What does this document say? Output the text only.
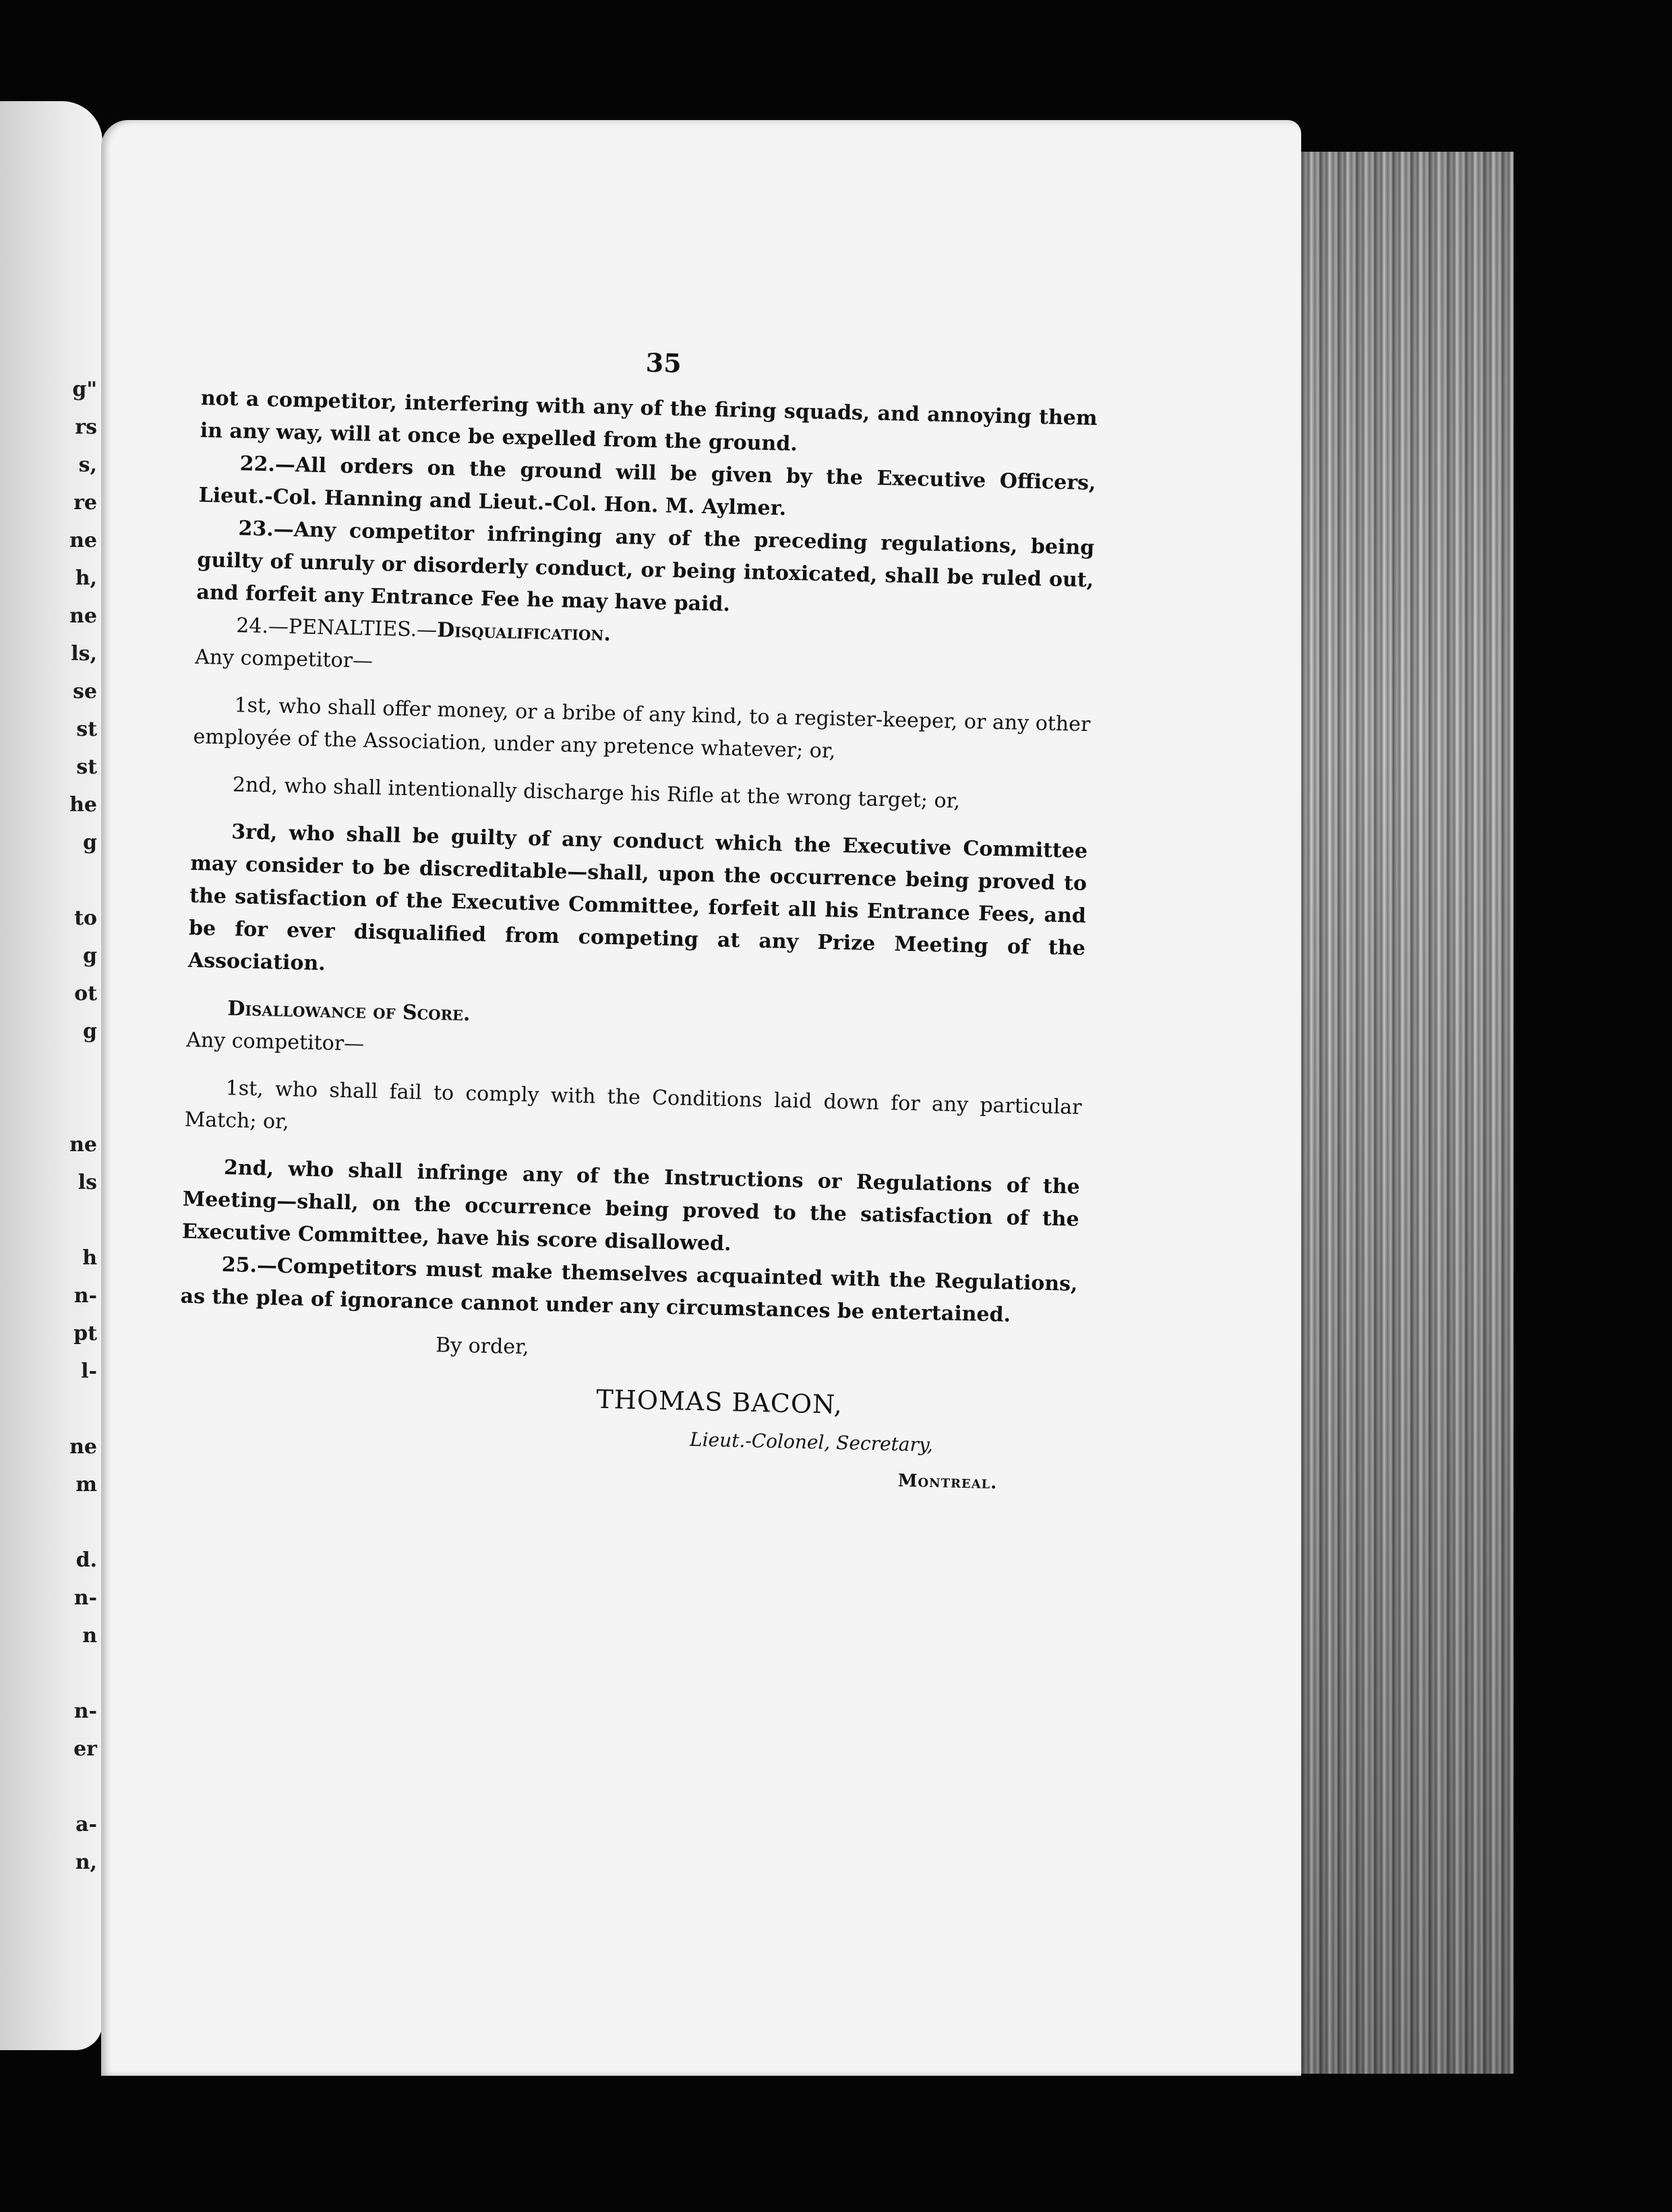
g"
rs
s,
re
ne
h,
ne
ls,
se
st
st
he
g
to
g
ot
g
ne
ls
h
n-
pt
l-
ne
m
d.
n-
n
n-
er
a-
n,
35

not a competitor, interfering with any of the firing squads, and annoying them in any way, will at once be expelled from the ground.

22.—All orders on the ground will be given by the Executive Officers, Lieut.-Col. Hanning and Lieut.-Col. Hon. M. Aylmer.

23.—Any competitor infringing any of the preceding regulations, being guilty of unruly or disorderly conduct, or being intoxicated, shall be ruled out, and forfeit any Entrance Fee he may have paid.

24.—PENALTIES.—Disqualification.

Any competitor—

1st, who shall offer money, or a bribe of any kind, to a register-keeper, or any other employée of the Association, under any pretence whatever; or,

2nd, who shall intentionally discharge his Rifle at the wrong target; or,

3rd, who shall be guilty of any conduct which the Executive Committee may consider to be discreditable—shall, upon the occurrence being proved to the satisfaction of the Executive Committee, forfeit all his Entrance Fees, and be for ever disqualified from competing at any Prize Meeting of the Association.

Disallowance of Score.

Any competitor—

1st, who shall fail to comply with the Conditions laid down for any particular Match; or,

2nd, who shall infringe any of the Instructions or Regulations of the Meeting—shall, on the occurrence being proved to the satisfaction of the Executive Committee, have his score disallowed.

25.—Competitors must make themselves acquainted with the Regulations, as the plea of ignorance cannot under any circumstances be entertained.

By order,
THOMAS BACON,
Lieut.-Colonel, Secretary,
Montreal.
